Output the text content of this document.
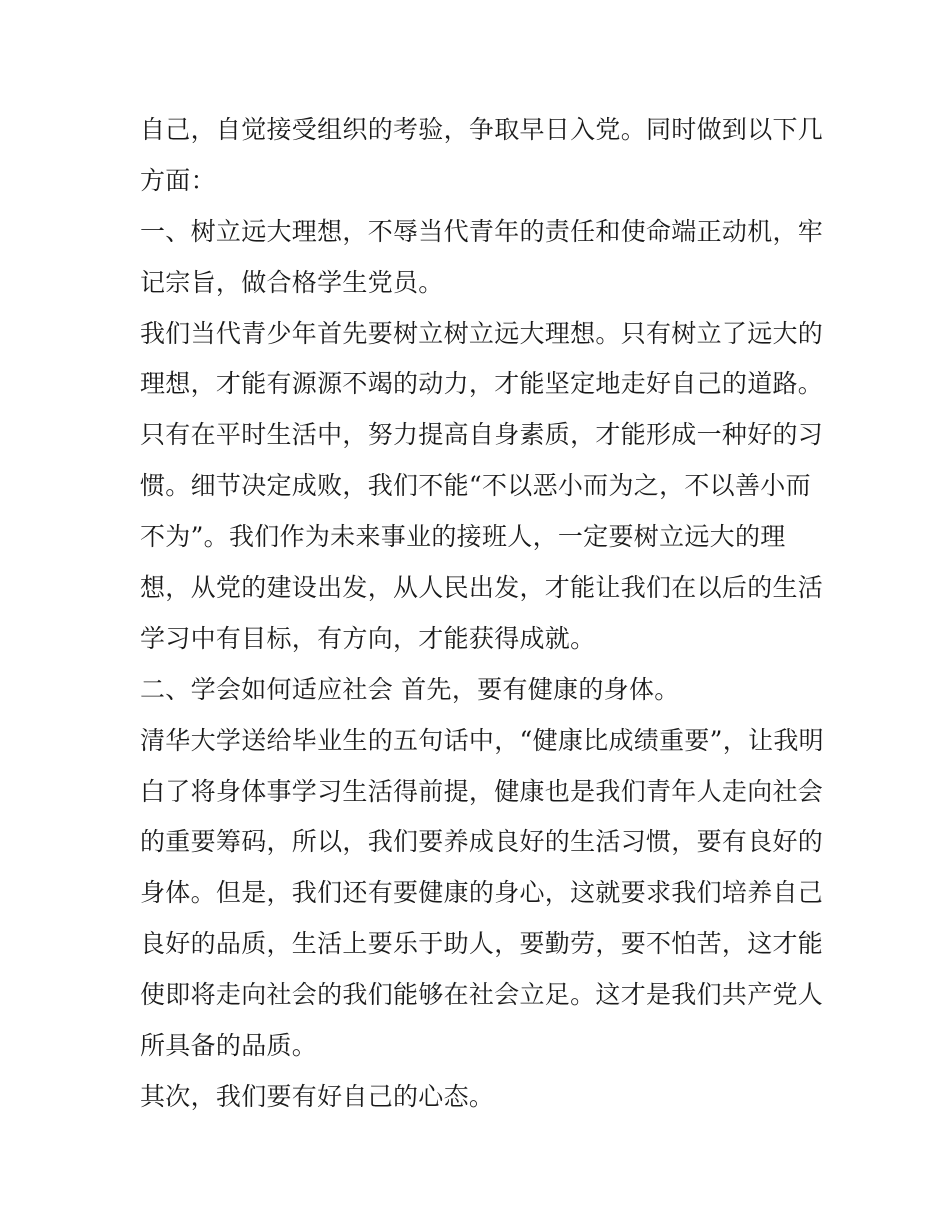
自己，自觉接受组织的考验，争取早日入党。同时做到以下几
方面：
一、树立远大理想，不辱当代青年的责任和使命端正动机，牢
记宗旨，做合格学生党员。
我们当代青少年首先要树立树立远大理想。只有树立了远大的
理想，才能有源源不竭的动力，才能坚定地走好自己的道路。
只有在平时生活中，努力提高自身素质，才能形成一种好的习
惯。细节决定成败，我们不能“不以恶小而为之，不以善小而
不为”。我们作为未来事业的接班人，一定要树立远大的理
想，从党的建设出发，从人民出发，才能让我们在以后的生活
学习中有目标，有方向，才能获得成就。
二、学会如何适应社会 首先，要有健康的身体。
清华大学送给毕业生的五句话中，“健康比成绩重要”，让我明
白了将身体事学习生活得前提，健康也是我们青年人走向社会
的重要筹码，所以，我们要养成良好的生活习惯，要有良好的
身体。但是，我们还有要健康的身心，这就要求我们培养自己
良好的品质，生活上要乐于助人，要勤劳，要不怕苦，这才能
使即将走向社会的我们能够在社会立足。这才是我们共产党人
所具备的品质。
其次，我们要有好自己的心态。
